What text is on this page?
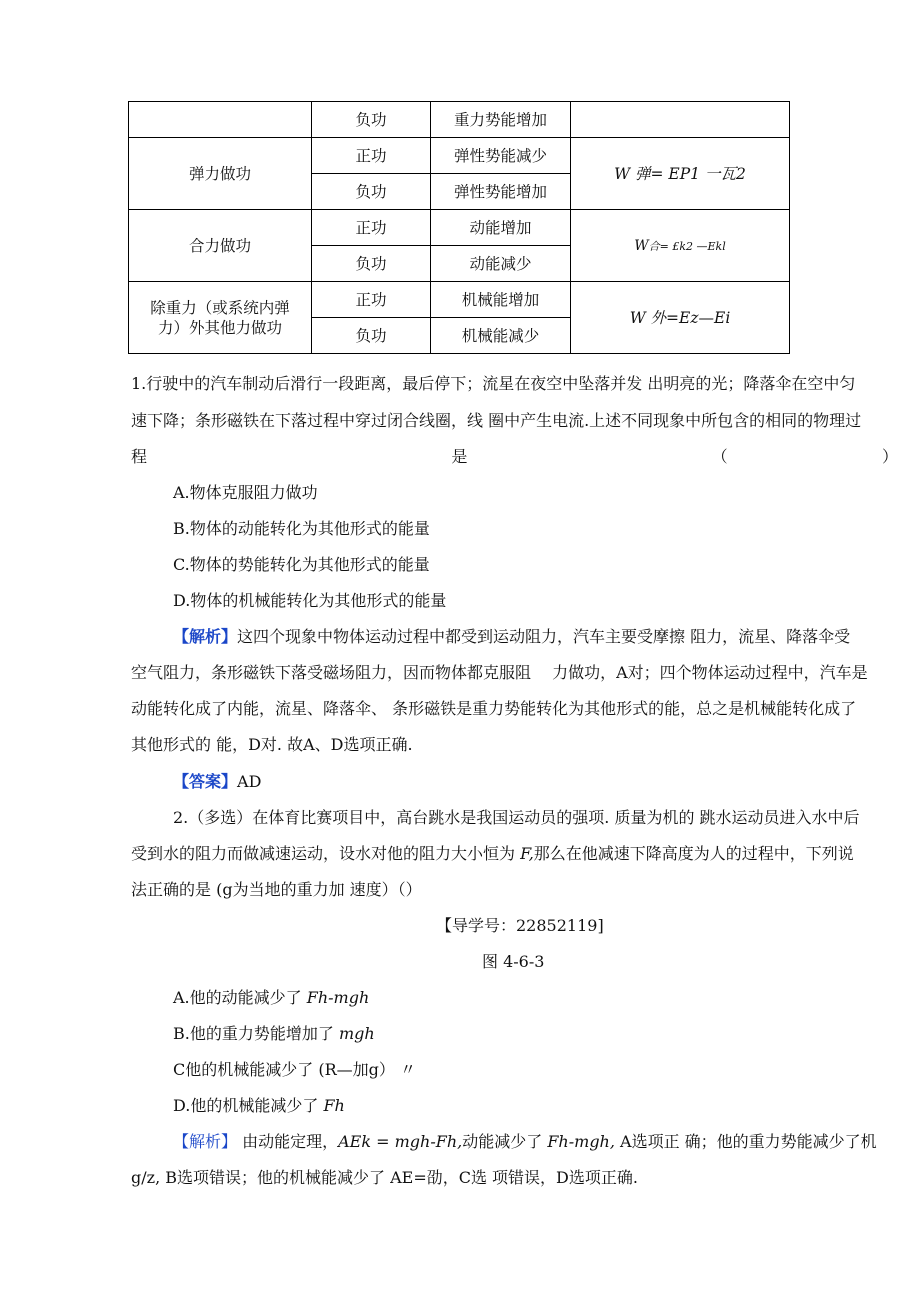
	负功	重力势能增加	
弹力做功	正功	弹性势能减少	W 弹= EP1 一瓦2
	负功	弹性势能增加	
合力做功	正功	动能增加	W合= £k2 —Ekl
	负功	动能减少	
除重力（或系统内弹
力）外其他力做功	正功	机械能增加	W 外=Ez—Ei
	负功	机械能减少	
1.行驶中的汽车制动后滑行一段距离，最后停下；流星在夜空中坠落并发 出明亮的光；降落伞在空中匀
速下降；条形磁铁在下落过程中穿过闭合线圈，线 圈中产生电流.上述不同现象中所包含的相同的物理过
程	是	（	）
A.物体克服阻力做功
B.物体的动能转化为其他形式的能量
C.物体的势能转化为其他形式的能量
D.物体的机械能转化为其他形式的能量
【解析】这四个现象中物体运动过程中都受到运动阻力，汽车主要受摩擦 阻力，流星、降落伞受
空气阻力，条形磁铁下落受磁场阻力，因而物体都克服阻　 力做功，A对；四个物体运动过程中，汽车是
动能转化成了内能，流星、降落伞、 条形磁铁是重力势能转化为其他形式的能，总之是机械能转化成了
其他形式的 能，D对. 故A、D选项正确.
【答案】AD
2.（多选）在体育比赛项目中，高台跳水是我国运动员的强项. 质量为机的 跳水运动员进入水中后
受到水的阻力而做减速运动，设水对他的阻力大小恒为 F,那么在他减速下降高度为人的过程中，下列说
法正确的是 (g为当地的重力加 速度）（）
【导学号：22852119]
图 4-6-3
A.他的动能减少了 Fh-mgh
B.他的重力势能增加了 mgh
C他的机械能减少了 (R—加g） 〃
D.他的机械能减少了 Fh
【解析】 由动能定理，AEk = mgh-Fh,动能减少了 Fh-mgh, A选项正 确；他的重力势能减少了机
g/z, B选项错误；他的机械能减少了 AE=劭，C选 项错误，D选项正确.
